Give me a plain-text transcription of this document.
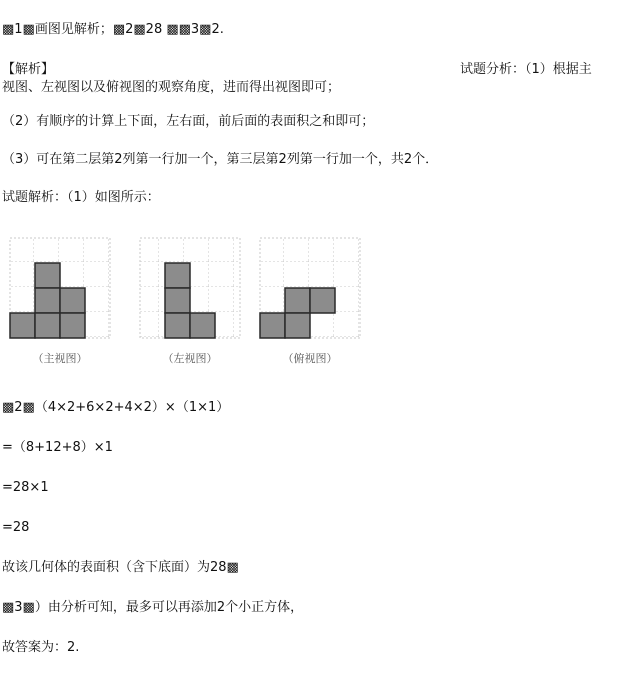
▩1▩画图见解析；▩2▩28 ▩▩3▩2.
【解析】	试题分析：（1）根据主
视图、左视图以及俯视图的观察角度，进而得出视图即可；
（2）有顺序的计算上下面，左右面，前后面的表面积之和即可；
（3）可在第二层第2列第一行加一个，第三层第2列第一行加一个，共2个．
试题解析：（1）如图所示：
（主视图）	（左视图）	（俯视图）
▩2▩（4×2+6×2+4×2）×（1×1）
=（8+12+8）×1
=28×1
=28
故该几何体的表面积（含下底面）为28▩
▩3▩）由分析可知，最多可以再添加2个小正方体，
故答案为：2.
